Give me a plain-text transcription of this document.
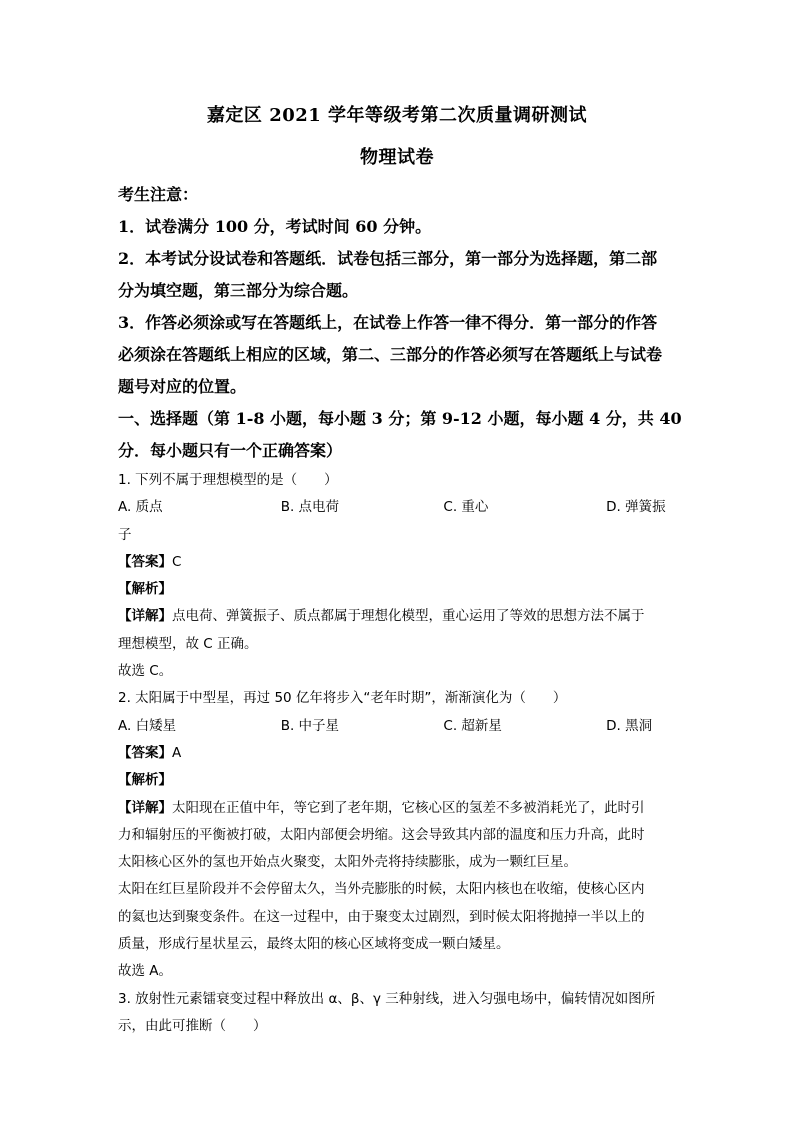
嘉定区 2021 学年等级考第二次质量调研测试
物理试卷
考生注意：
1．试卷满分 100 分，考试时间 60 分钟。
2．本考试分设试卷和答题纸．试卷包括三部分，第一部分为选择题，第二部
分为填空题，第三部分为综合题。
3．作答必须涂或写在答题纸上，在试卷上作答一律不得分．第一部分的作答
必须涂在答题纸上相应的区域，第二、三部分的作答必须写在答题纸上与试卷
题号对应的位置。
一、选择题（第 1-8 小题，每小题 3 分；第 9-12 小题，每小题 4 分，共 40
分．每小题只有一个正确答案）
1. 下列不属于理想模型的是（　　）
A. 质点	B. 点电荷	C. 重心	D. 弹簧振
子
【答案】C
【解析】
【详解】点电荷、弹簧振子、质点都属于理想化模型，重心运用了等效的思想方法不属于
理想模型，故 C 正确。
故选 C。
2. 太阳属于中型星，再过 50 亿年将步入“老年时期”，渐渐演化为（　　）
A. 白矮星	B. 中子星	C. 超新星	D. 黑洞
【答案】A
【解析】
【详解】太阳现在正值中年，等它到了老年期，它核心区的氢差不多被消耗光了，此时引
力和辐射压的平衡被打破，太阳内部便会坍缩。这会导致其内部的温度和压力升高，此时
太阳核心区外的氢也开始点火聚变，太阳外壳将持续膨胀，成为一颗红巨星。
太阳在红巨星阶段并不会停留太久，当外壳膨胀的时候，太阳内核也在收缩，使核心区内
的氦也达到聚变条件。在这一过程中，由于聚变太过剧烈，到时候太阳将抛掉一半以上的
质量，形成行星状星云，最终太阳的核心区域将变成一颗白矮星。
故选 A。
3. 放射性元素镭衰变过程中释放出 α、β、γ 三种射线，进入匀强电场中，偏转情况如图所
示，由此可推断（　　）
